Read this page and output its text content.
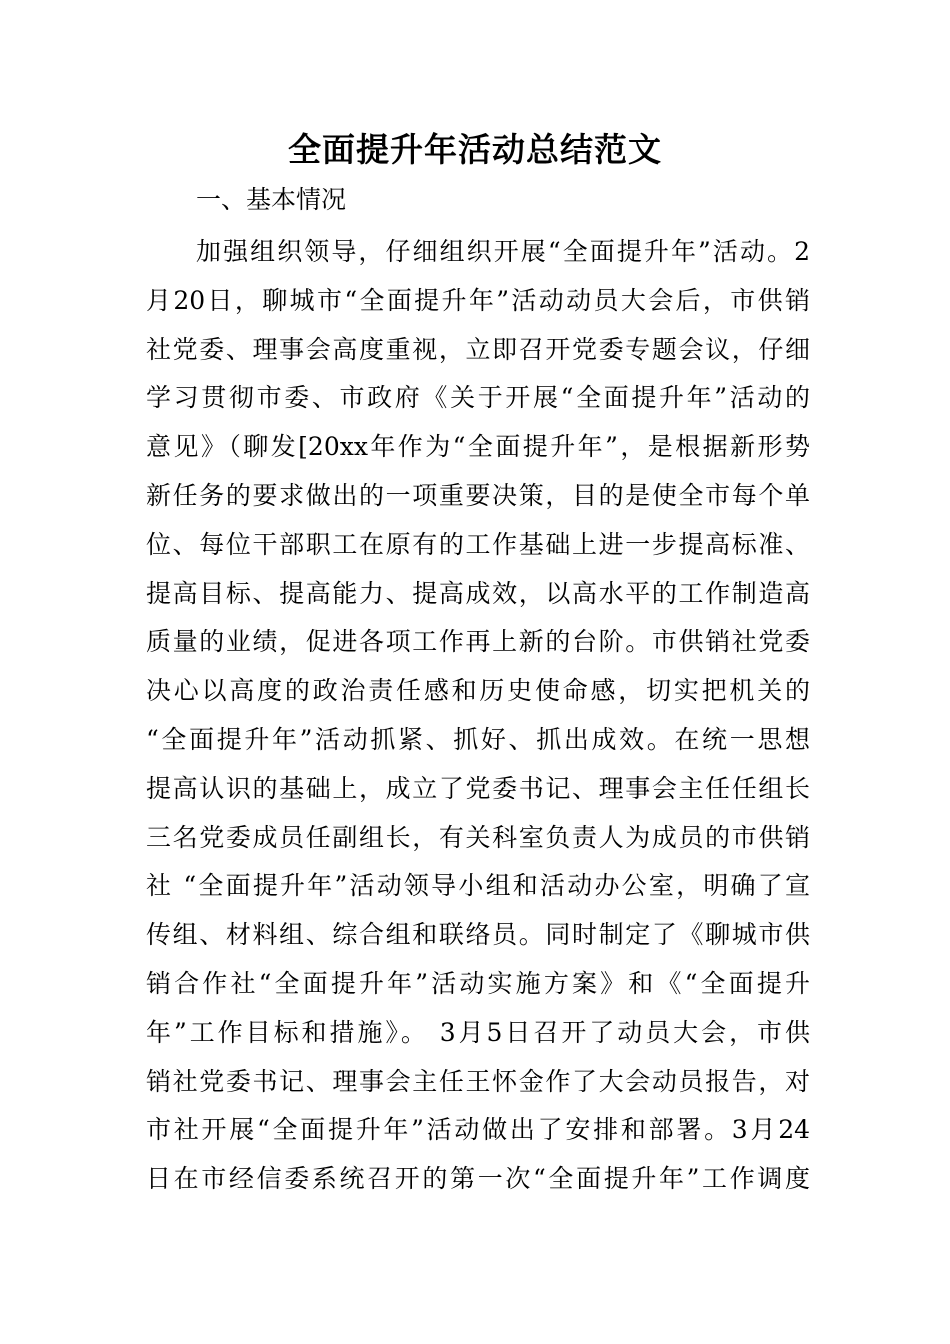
全面提升年活动总结范文
一、基本情况
加强组织领导，仔细组织开展“全面提升年”活动。2
月20日，聊城市“全面提升年”活动动员大会后，市供销
社党委、理事会高度重视，立即召开党委专题会议，仔细
学习贯彻市委、市政府《关于开展“全面提升年”活动的
意见》（聊发[20xx年作为“全面提升年”，是根据新形势
新任务的要求做出的一项重要决策，目的是使全市每个单
位、每位干部职工在原有的工作基础上进一步提高标准、
提高目标、提高能力、提高成效，以高水平的工作制造高
质量的业绩，促进各项工作再上新的台阶。市供销社党委
决心以高度的政治责任感和历史使命感，切实把机关的
“全面提升年”活动抓紧、抓好、抓出成效。在统一思想
提高认识的基础上，成立了党委书记、理事会主任任组长
三名党委成员任副组长，有关科室负责人为成员的市供销
社 “全面提升年”活动领导小组和活动办公室，明确了宣
传组、材料组、综合组和联络员。同时制定了《聊城市供
销合作社“全面提升年”活动实施方案》和《“全面提升
年”工作目标和措施》。 3月5日召开了动员大会，市供
销社党委书记、理事会主任王怀金作了大会动员报告，对
市社开展“全面提升年”活动做出了安排和部署。3月24
日在市经信委系统召开的第一次“全面提升年”工作调度
